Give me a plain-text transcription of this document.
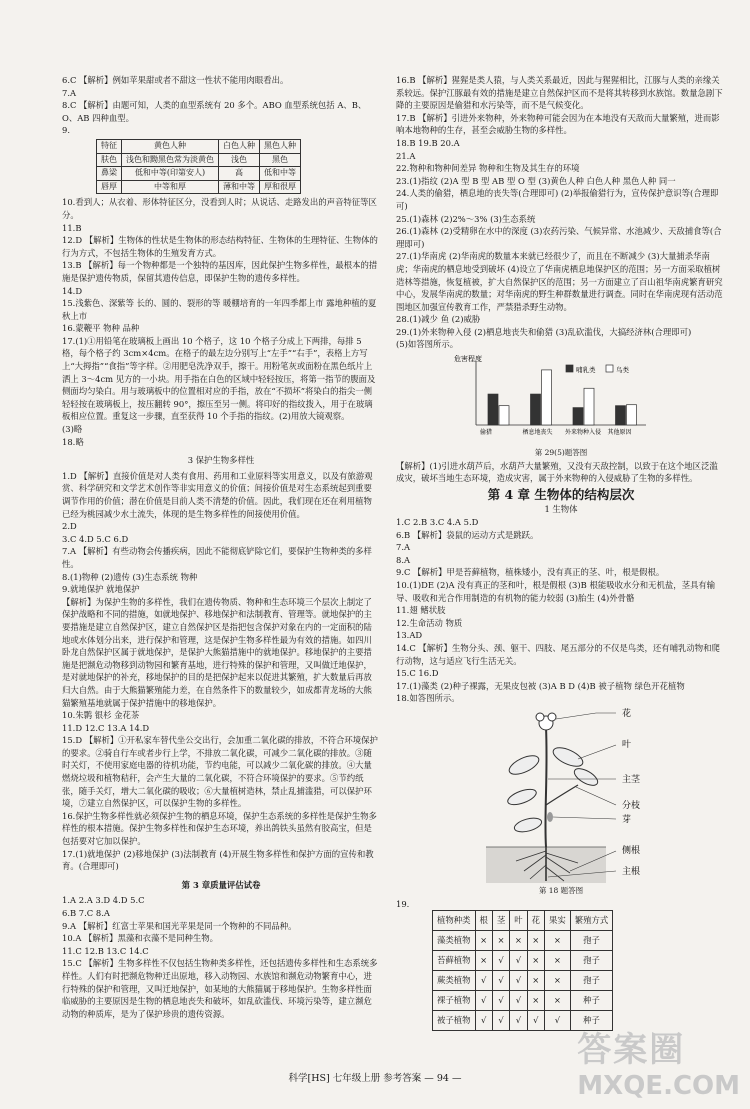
6.C 【解析】例如苹果甜或者不甜这一性状不能用肉眼看出。

7.A

8.C 【解析】由题可知，人类的血型系统有 20 多个。ABO 血型系统包括 A、B、O、AB 四种血型。

9.

特征	黄色人种	白色人种	黑色人种
肤色	浅色和黝黑色常为淡黄色	浅色	黑色
鼻梁	低和中等(印第安人)	高	低和中等
唇厚	中等和厚	薄和中等	厚和很厚

10.看到人；从衣着、形体特征区分，没看到人时；从说话、走路发出的声音特征等区分。

11.B

12.D 【解析】生物体的性状是生物体的形态结构特征、生物体的生理特征、生物体的行为方式，不包括生物体的生殖发育方式。

13.B 【解析】每一个物种都是一个独特的基因库，因此保护生物多样性，最根本的措施是保护遗传物质，保留其遗传信息，即保护生物的遗传多样性。

14.D

15.浅紫色、深紫等 长的、圆的、裂形的等 暖棚培育的一年四季都上市 露地种植的夏秋上市

16.蒙鞭平 物种 品种

17.(1)①用铅笔在玻璃板上画出 10 个格子，这 10 个格子分成上下两排，每排 5 格，每个格子约 3cm×4cm。在格子的最左边分别写上“左手”“右手”，表格上方写上“大拇指”“食指”等字样。②用肥皂洗净双手，擦干。用粉笔灰或面粉在黑色纸片上洒上 3～4cm 见方的一小块。用手指在白色的区域中轻轻按压，将第一指节的腹面及侧面均匀染白。用与玻璃板中的位置相对应的手指，放在“不损坏”将染白的指尖一侧轻轻按在玻璃板上，按压翻转 90°，擦压至另一侧。将印好的指纹拨入，用于在玻璃板相应位置。重复这一步骤，直至获得 10 个手指的指纹。(2)用放大镜观察。

(3)略

18.略

3 保护生物多样性

1.D 【解析】直接价值是对人类有食用、药用和工业原料等实用意义，以及有旅游观赏、科学研究和文学艺术创作等非实用意义的价值；间接价值是对生态系统起到重要调节作用的价值；潜在价值是目前人类不清楚的价值。因此，我们现在还在利用植物已经为桃园减少水土流失，体现的是生物多样性的间接使用价值。

2.D

3.C 4.D 5.C 6.D

7.A 【解析】有些动物会传播疾病，因此不能彻底铲除它们，要保护生物种类的多样性。

8.(1)物种 (2)遗传 (3)生态系统 物种

9.就地保护 就地保护

【解析】为保护生物的多样性，我们在遗传物质、物种和生态环境三个层次上制定了保护战略和不同的措施，如就地保护、移地保护和法制教育、管理等。就地保护的主要措施是建立自然保护区，建立自然保护区是指把包含保护对象在内的一定面积的陆地或水体划分出来，进行保护和管理，这是保护生物多样性最为有效的措施。如四川卧龙自然保护区属于就地保护，是保护大熊猫措施中的就地保护。移地保护的主要措施是把濒危动物移到动物园和繁育基地，进行特殊的保护和管理，又叫做迁地保护，是对就地保护的补充，移地保护的目的是把保护起来以促进其繁殖，扩大数量后再放归大自然。由于大熊猫繁殖能力差，在自然条件下的数量较少，如成都青龙场的大熊猫繁殖基地就属于保护措施中的移地保护。

10.朱鹮 银杉 金花茶

11.D 12.C 13.A 14.D

15.D 【解析】①开私家车替代坐公交出行，会加重二氧化碳的排放，不符合环境保护的要求。②骑自行车或者步行上学，不排放二氧化碳，可减少二氧化碳的排放。③随时关灯，不使用家庭电器的待机功能，节约电能，可以减少二氧化碳的排放。④大量燃烧垃圾和植物秸秆，会产生大量的二氧化碳，不符合环境保护的要求。⑤节约纸张，随手关灯，增大二氧化碳的吸收；⑥大量植树造林，禁止乱捕滥猎，可以保护环境，⑦建立自然保护区，可以保护生物的多样性。

16.保护生物多样性就必须保护生物的栖息环境，保护生态系统的多样性是保护生物多样性的根本措施。保护生物多样性和保护生态环境，养出鸽铁头虽然有胶高宝，但是包括要对它加以保护。

17.(1)就地保护 (2)移地保护 (3)法制教育 (4)开展生物多样性和保护方面的宣传和教育。(合理即可)

第 3 章质量评估试卷

1.A 2.A 3.D 4.D 5.C

6.B 7.C 8.A

9.A 【解析】红富士苹果和国光苹果是同一个物种的不同品种。

10.A 【解析】黑藻和衣藻不是同种生物。

11.C 12.B 13.C 14.C

15.C 【解析】生物多样性不仅包括生物种类多样性，还包括遗传多样性和生态系统多样性。人们有时把濒危物种迁出原地，移入动物园、水族馆和濒危动物繁育中心，进行特殊的保护和管理，又叫迁地保护，如某地的大熊猫属于移地保护。生物多样性面临威胁的主要原因是生物的栖息地丧失和破坏，如乱砍滥伐、环境污染等，建立濒危动物的种质库，是为了保护珍贵的遗传资源。

16.B 【解析】猩猩是类人猿，与人类关系最近，因此与猩猩相比，江豚与人类的亲缘关系较远。保护江豚最有效的措施是建立自然保护区而不是将其转移到水族馆。数量急剧下降的主要原因是偷猎和水污染等，而不是气候变化。

17.B 【解析】引进外来物种，外来物种可能会因为在本地没有天敌而大量繁殖，进而影响本地物种的生存，甚至会威胁生物的多样性。

18.B 19.B 20.A

21.A

22.物种和物种间差异 物种和生物及其生存的环境

23.(1)指纹 (2)A 型 B 型 AB 型 O 型 (3)黄色人种 白色人种 黑色人种 同一

24.人类的偷猎，栖息地的丧失等(合理即可) (2)举报偷猎行为，宣传保护意识等(合理即可)

25.(1)森林 (2)2%～3% (3)生态系统

26.(1)森林 (2)受精卵在水中的深度 (3)农药污染、气候异常、水池减少、天敌捕食等(合理即可)

27.(1)华南虎 (2)华南虎的数量本来就已经很少了，而且在不断减少 (3)大量捕杀华南虎；华南虎的栖息地受到破坏 (4)设立了华南虎栖息地保护区的范围；另一方面采取植树造林等措施，恢复植被，扩大自然保护区的范围；另一方面建立了百山祖华南虎繁育研究中心，发展华南虎的数量；对华南虎的野生种群数量进行调查。同时在华南虎现有活动范围地区加强宣传教育工作，严禁猎杀野生动物。

28.(1)减少 鱼 (2)威胁

29.(1)外来物种入侵 (2)栖息地丧失和偷猎 (3)乱砍滥伐，大搞经济林(合理即可)

(5)如答图所示。

危害程度
偷猎	栖息地丧失 外来物种入侵 其他原因
哺乳类	鸟类
第 29(5)题答图

【解析】(1)引进水葫芦后，水葫芦大量繁殖，又没有天敌控制，以致于在这个地区泛滥成灾，破坏当地生态环境，造成灾害，属于外来物种的入侵威胁了生物的多样性。

第 4 章 生物体的结构层次
1 生物体

1.C 2.B 3.C 4.A 5.D

6.B 【解析】袋鼠的运动方式是跳跃。

7.A

8.A

9.C 【解析】甲是苔藓植物，植株矮小，没有真正的茎、叶，根是假根。

10.(1)DE (2)A 没有真正的茎和叶，根是假根 (3)B 根能吸收水分和无机盐，茎具有输导、吸收和光合作用制造的有机物的能力较弱 (3)胎生 (4)外骨骼

11.翅 鳍状肢

12.生命活动 物质

13.AD

14.C 【解析】生物分头、颈、躯干、四肢、尾五部分的不仅是鸟类，还有哺乳动物和爬行动物，这与适应飞行生活无关。

15.C 16.D

17.(1)藻类 (2)种子裸露，无果皮包被 (3)A B D (4)B 被子植物 绿色开花植物

18.如答图所示。

花
叶
主茎
分枝
芽
侧根
主根
第 18 题答图
19.
植物种类	根	茎	叶	花	果实	繁殖方式
藻类植物	×	×	×	×	×	孢子
苔藓植物	×	√	√	×	×	孢子
蕨类植物	√	√	√	×	×	孢子
裸子植物	√	√	√	×	×	种子
被子植物	√	√	√	√	√	种子
科学[HS] 七年级上册 参考答案 — 94 —
答案圈
MXQE.COM
